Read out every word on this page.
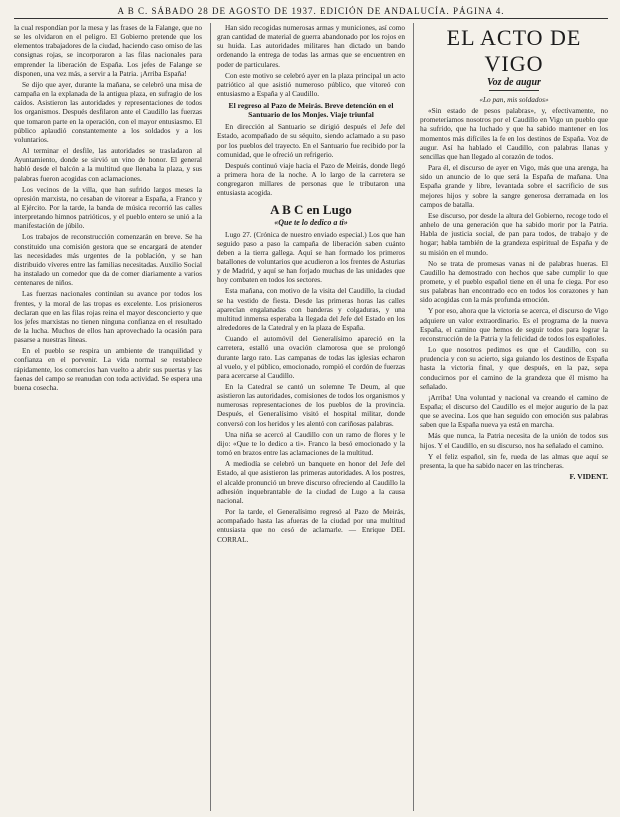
A B C. SÁBADO 28 DE AGOSTO DE 1937. EDICIÓN DE ANDALUCÍA. PÁGINA 4.

la cual respondían por la mesa y las frases de la Falange, que no se les olvidaron en el peligro. El Gobierno pretende que los elementos trabajadores de la ciudad, haciendo caso omiso de las consignas rojas, se incorporaron a las filas nacionales para emprender la liberación de España. Los jefes de Falange se disponen, una vez más, a servir a la Patria. ¡Arriba España!

Se dijo que ayer, durante la mañana, se celebró una misa de campaña en la explanada de la antigua plaza, en sufragio de los caídos. Asistieron las autoridades y representaciones de todos los organismos. Después desfilaron ante el Caudillo las fuerzas que tomaron parte en la operación, con el mayor entusiasmo. El público aplaudió constantemente a los soldados y a los voluntarios.

Al terminar el desfile, las autoridades se trasladaron al Ayuntamiento, donde se sirvió un vino de honor. El general habló desde el balcón a la multitud que llenaba la plaza, y sus palabras fueron acogidas con aclamaciones.

Los vecinos de la villa, que han sufrido largos meses la opresión marxista, no cesaban de vitorear a España, a Franco y al Ejército. Por la tarde, la banda de música recorrió las calles interpretando himnos patrióticos, y el pueblo entero se unió a la manifestación de júbilo.

Los trabajos de reconstrucción comenzarán en breve. Se ha constituido una comisión gestora que se encargará de atender las necesidades más urgentes de la población, y se han distribuido víveres entre las familias necesitadas. Auxilio Social ha instalado un comedor que da de comer diariamente a varios centenares de niños.

Las fuerzas nacionales continúan su avance por todos los frentes, y la moral de las tropas es excelente. Los prisioneros declaran que en las filas rojas reina el mayor desconcierto y que los jefes marxistas no tienen ninguna confianza en el resultado de la lucha. Muchos de ellos han aprovechado la ocasión para pasarse a nuestras líneas.

En el pueblo se respira un ambiente de tranquilidad y confianza en el porvenir. La vida normal se restablece rápidamente, los comercios han vuelto a abrir sus puertas y las faenas del campo se reanudan con toda actividad. Se espera una buena cosecha.

Han sido recogidas numerosas armas y municiones, así como gran cantidad de material de guerra abandonado por los rojos en su huida. Las autoridades militares han dictado un bando ordenando la entrega de todas las armas que se encuentren en poder de particulares.

Con este motivo se celebró ayer en la plaza principal un acto patriótico al que asistió numeroso público, que vitoreó con entusiasmo a España y al Caudillo.

El regreso al Pazo de Meirás. Breve detención en el Santuario de los Monjes. Viaje triunfal

En dirección al Santuario se dirigió después el Jefe del Estado, acompañado de su séquito, siendo aclamado a su paso por los pueblos del trayecto. En el Santuario fue recibido por la comunidad, que le ofreció un refrigerio.

Después continuó viaje hacia el Pazo de Meirás, donde llegó a primera hora de la noche. A lo largo de la carretera se congregaron millares de personas que le tributaron una entusiasta acogida.

A B C en Lugo
«Que te lo dedico a ti»

Lugo 27. (Crónica de nuestro enviado especial.) Los que han seguido paso a paso la campaña de liberación saben cuánto deben a la tierra gallega. Aquí se han formado los primeros batallones de voluntarios que acudieron a los frentes de Asturias y de Madrid, y aquí se han forjado muchas de las unidades que hoy combaten en todos los sectores.

Esta mañana, con motivo de la visita del Caudillo, la ciudad se ha vestido de fiesta. Desde las primeras horas las calles aparecían engalanadas con banderas y colgaduras, y una multitud inmensa esperaba la llegada del Jefe del Estado en los alrededores de la Catedral y en la plaza de España.

Cuando el automóvil del Generalísimo apareció en la carretera, estalló una ovación clamorosa que se prolongó durante largo rato. Las campanas de todas las iglesias echaron al vuelo, y el público, emocionado, rompió el cordón de fuerzas para acercarse al Caudillo.

En la Catedral se cantó un solemne Te Deum, al que asistieron las autoridades, comisiones de todos los organismos y numerosas representaciones de los pueblos de la provincia. Después, el Generalísimo visitó el hospital militar, donde conversó con los heridos y les alentó con cariñosas palabras.

Una niña se acercó al Caudillo con un ramo de flores y le dijo: «Que te lo dedico a ti». Franco la besó emocionado y la tomó en brazos entre las aclamaciones de la multitud.

A mediodía se celebró un banquete en honor del Jefe del Estado, al que asistieron las primeras autoridades. A los postres, el alcalde pronunció un breve discurso ofreciendo al Caudillo la adhesión inquebrantable de la ciudad de Lugo a la causa nacional.

Por la tarde, el Generalísimo regresó al Pazo de Meirás, acompañado hasta las afueras de la ciudad por una multitud entusiasta que no cesó de aclamarle. — Enrique DEL CORRAL.

EL ACTO DE VIGO
Voz de augur

«Lo pan, mis soldados»

«Sin estado de pesos palabras», y, efectivamente, no prometeríamos nosotros por el Caudillo en Vigo un pueblo que ha sufrido, que ha luchado y que ha sabido mantener en los momentos más difíciles la fe en los destinos de España. Voz de augur. Así ha hablado el Caudillo, con palabras llanas y sencillas que han llegado al corazón de todos.

Para él, el discurso de ayer en Vigo, más que una arenga, ha sido un anuncio de lo que será la España de mañana. Una España grande y libre, levantada sobre el sacrificio de sus mejores hijos y sobre la sangre generosa derramada en los campos de batalla.

Ese discurso, por desde la altura del Gobierno, recoge todo el anhelo de una generación que ha sabido morir por la Patria. Habla de justicia social, de pan para todos, de trabajo y de hogar; habla también de la grandeza espiritual de España y de su misión en el mundo.

No se trata de promesas vanas ni de palabras hueras. El Caudillo ha demostrado con hechos que sabe cumplir lo que promete, y el pueblo español tiene en él una fe ciega. Por eso sus palabras han encontrado eco en todos los corazones y han sido acogidas con la más profunda emoción.

Y por eso, ahora que la victoria se acerca, el discurso de Vigo adquiere un valor extraordinario. Es el programa de la nueva España, el camino que hemos de seguir todos para lograr la reconstrucción de la Patria y la felicidad de todos los españoles.

Lo que nosotros pedimos es que el Caudillo, con su prudencia y con su acierto, siga guiando los destinos de España hasta la victoria final, y que después, en la paz, sepa conducirnos por el camino de la grandeza que él mismo ha señalado.

¡Arriba! Una voluntad y nacional va creando el camino de España; el discurso del Caudillo es el mejor augurio de la paz que se avecina. Los que han seguido con emoción sus palabras saben que la España nueva ya está en marcha.

Más que nunca, la Patria necesita de la unión de todos sus hijos. Y el Caudillo, en su discurso, nos ha señalado el camino.

Y el feliz español, sin fe, rueda de las almas que aquí se presenta, la que ha sabido nacer en las trincheras.

F. VIDENT.
